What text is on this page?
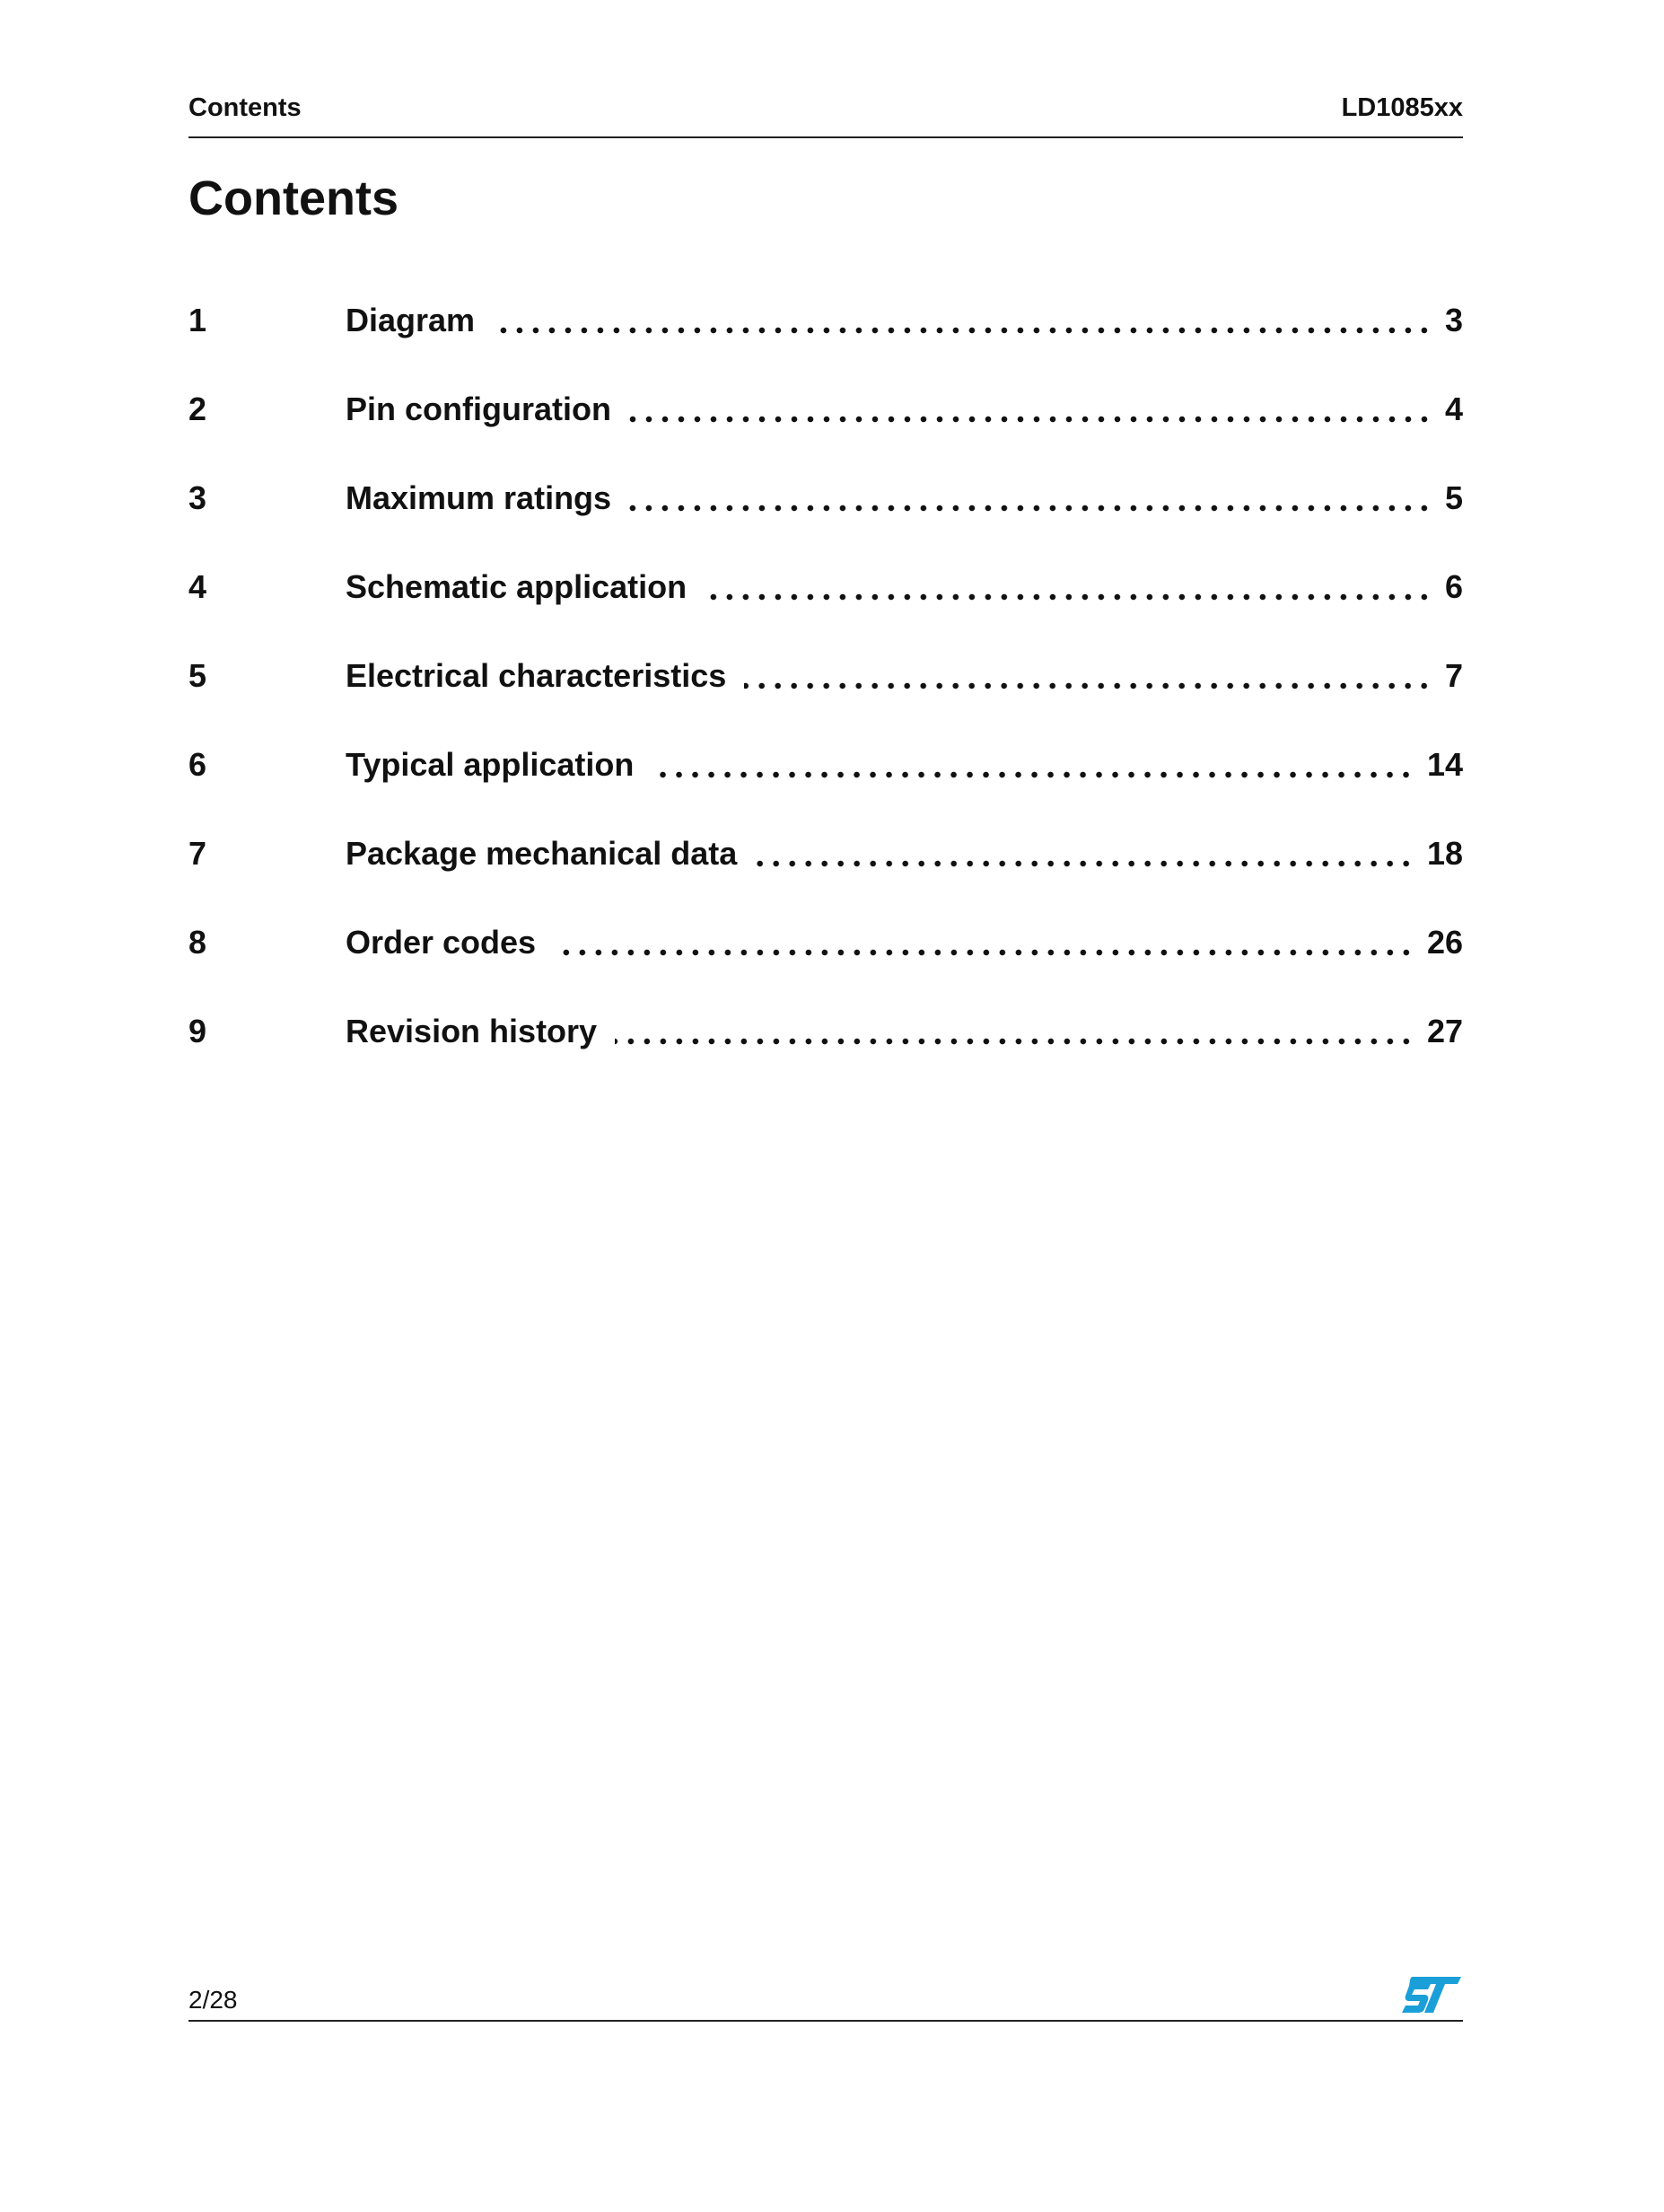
Contents	LD1085xx
Contents
1	Diagram	3
2	Pin configuration	4
3	Maximum ratings	5
4	Schematic application	6
5	Electrical characteristics	7
6	Typical application	14
7	Package mechanical data	18
8	Order codes	26
9	Revision history	27
2/28
